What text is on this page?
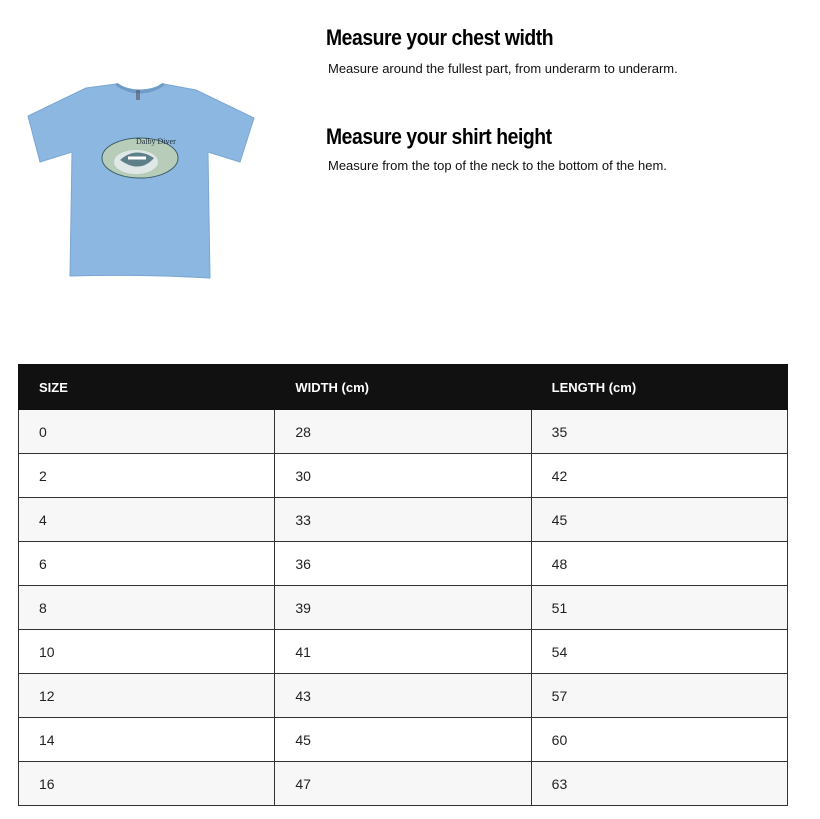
Dalby Diver
Measure your chest width
Measure around the fullest part, from underarm to underarm.
Measure your shirt height
Measure from the top of the neck to the bottom of the hem.
SIZE	WIDTH (cm)	LENGTH (cm)
0	28	35
2	30	42
4	33	45
6	36	48
8	39	51
10	41	54
12	43	57
14	45	60
16	47	63
